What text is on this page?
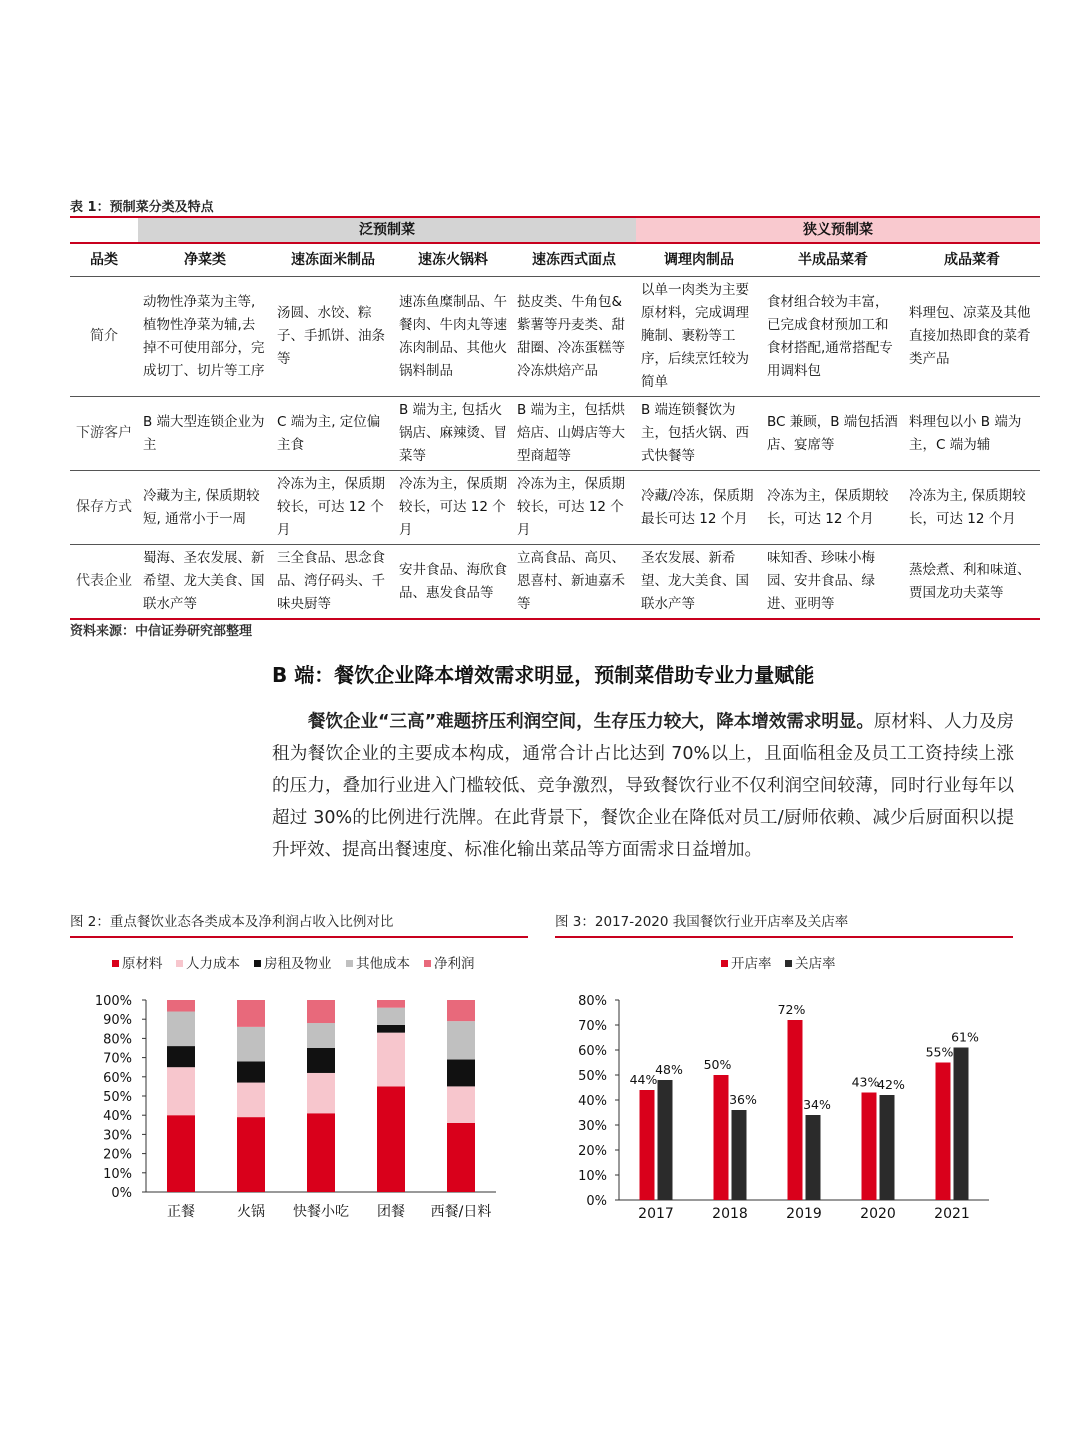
表 1：预制菜分类及特点
	泛预制菜				狭义预制菜		
品类	净菜类	速冻面米制品	速冻火锅料	速冻西式面点	调理肉制品	半成品菜肴	成品菜肴
简介	动物性净菜为主等,植物性净菜为辅,去掉不可使用部分，完成切丁、切片等工序	汤圆、水饺、粽子、手抓饼、油条等	速冻鱼糜制品、午餐肉、牛肉丸等速冻肉制品、其他火锅料制品	挞皮类、牛角包&紫薯等丹麦类、甜甜圈、冷冻蛋糕等冷冻烘焙产品	以单一肉类为主要原材料，完成调理腌制、裹粉等工序，后续烹饪较为简单	食材组合较为丰富，已完成食材预加工和食材搭配,通常搭配专用调料包	料理包、凉菜及其他直接加热即食的菜肴类产品
下游客户	B 端大型连锁企业为主	C 端为主, 定位偏主食	B 端为主, 包括火锅店、麻辣烫、冒菜等	B 端为主，包括烘焙店、山姆店等大型商超等	B 端连锁餐饮为主，包括火锅、西式快餐等	BC 兼顾，B 端包括酒店、宴席等	料理包以小 B 端为主，C 端为辅
保存方式	冷藏为主, 保质期较短, 通常小于一周	冷冻为主，保质期较长，可达 12 个月	冷冻为主，保质期较长，可达 12 个月	冷冻为主，保质期较长，可达 12 个月	冷藏/冷冻，保质期最长可达 12 个月	冷冻为主，保质期较长，可达 12 个月	冷冻为主, 保质期较长，可达 12 个月
代表企业	蜀海、圣农发展、新希望、龙大美食、国联水产等	三全食品、思念食品、湾仔码头、千味央厨等	安井食品、海欣食品、惠发食品等	立高食品、高贝、恩喜村、新迪嘉禾等	圣农发展、新希望、龙大美食、国联水产等	味知香、珍味小梅园、安井食品、绿进、亚明等	蒸烩煮、利和味道、贾国龙功夫菜等
资料来源：中信证券研究部整理
B 端：餐饮企业降本增效需求明显，预制菜借助专业力量赋能

餐饮企业“三高”难题挤压利润空间，生存压力较大，降本增效需求明显。原材料、人力及房租为餐饮企业的主要成本构成，通常合计占比达到 70%以上，且面临租金及员工工资持续上涨的压力，叠加行业进入门槛较低、竞争激烈，导致餐饮行业不仅利润空间较薄，同时行业每年以超过 30%的比例进行洗牌。在此背景下，餐饮企业在降低对员工/厨师依赖、减少后厨面积以提升坪效、提高出餐速度、标准化输出菜品等方面需求日益增加。

图 2：重点餐饮业态各类成本及净利润占收入比例对比	图 3：2017-2020 我国餐饮行业开店率及关店率
原材料 人力成本 房租及物业 其他成本 净利润
0%
10%
20%
30%
40%
50%
60%
70%
80%
90%
100%
正餐	火锅 快餐小吃 团餐 西餐/日料
开店率 关店率
0%
10%
20%
30%
40%
50%
60%
70%
80%
44%
48%
2017
50%
36%
2018
72%
34%
2019
43%
42%
2020
55%
61%
2021
